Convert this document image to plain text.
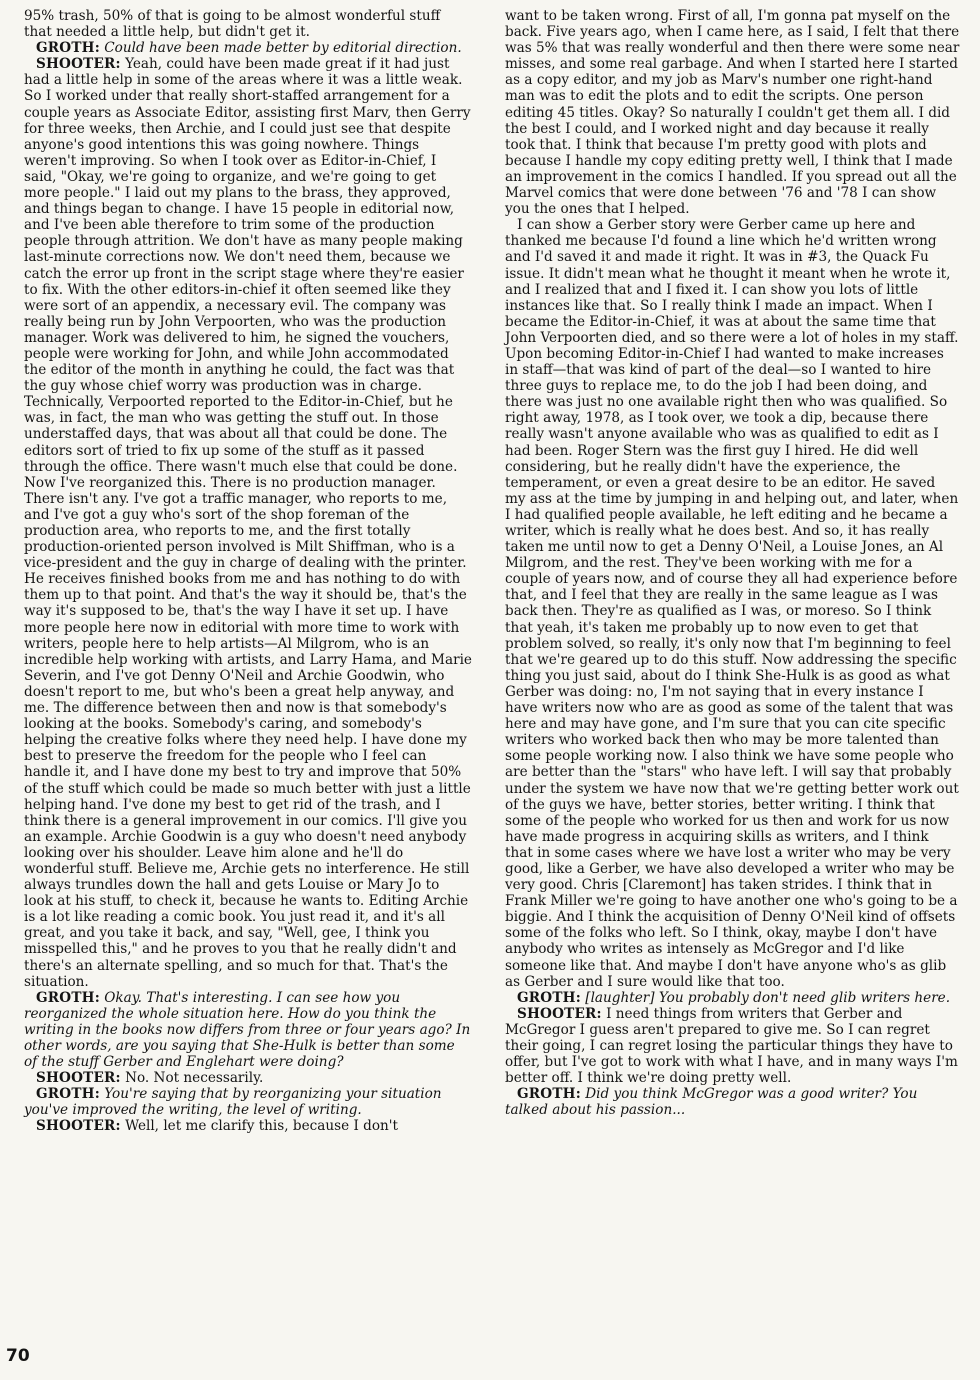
95% trash, 50% of that is going to be almost wonderful stuff that needed a little help, but didn't get it.

GROTH: Could have been made better by editorial direction.

SHOOTER: Yeah, could have been made great if it had just had a little help in some of the areas where it was a little weak. So I worked under that really short-staffed arrangement for a couple years as Associate Editor, assisting first Marv, then Gerry for three weeks, then Archie, and I could just see that despite anyone's good intentions this was going nowhere. Things weren't improving. So when I took over as Editor-in-Chief, I said, "Okay, we're going to organize, and we're going to get more people." I laid out my plans to the brass, they approved, and things began to change. I have 15 people in editorial now, and I've been able therefore to trim some of the production people through attrition. We don't have as many people making last-minute corrections now. We don't need them, because we catch the error up front in the script stage where they're easier to fix. With the other editors-in-chief it often seemed like they were sort of an appendix, a necessary evil. The company was really being run by John Verpoorten, who was the production manager. Work was delivered to him, he signed the vouchers, people were working for John, and while John accommodated the editor of the month in anything he could, the fact was that the guy whose chief worry was production was in charge. Technically, Verpoorted reported to the Editor-in-Chief, but he was, in fact, the man who was getting the stuff out. In those understaffed days, that was about all that could be done. The editors sort of tried to fix up some of the stuff as it passed through the office. There wasn't much else that could be done. Now I've reorganized this. There is no production manager. There isn't any. I've got a traffic manager, who reports to me, and I've got a guy who's sort of the shop foreman of the production area, who reports to me, and the first totally production-oriented person involved is Milt Shiffman, who is a vice-president and the guy in charge of dealing with the printer. He receives finished books from me and has nothing to do with them up to that point. And that's the way it should be, that's the way it's supposed to be, that's the way I have it set up. I have more people here now in editorial with more time to work with writers, people here to help artists—Al Milgrom, who is an incredible help working with artists, and Larry Hama, and Marie Severin, and I've got Denny O'Neil and Archie Goodwin, who doesn't report to me, but who's been a great help anyway, and me. The difference between then and now is that somebody's looking at the books. Somebody's caring, and somebody's helping the creative folks where they need help. I have done my best to preserve the freedom for the people who I feel can handle it, and I have done my best to try and improve that 50% of the stuff which could be made so much better with just a little helping hand. I've done my best to get rid of the trash, and I think there is a general improvement in our comics. I'll give you an example. Archie Goodwin is a guy who doesn't need anybody looking over his shoulder. Leave him alone and he'll do wonderful stuff. Believe me, Archie gets no interference. He still always trundles down the hall and gets Louise or Mary Jo to look at his stuff, to check it, because he wants to. Editing Archie is a lot like reading a comic book. You just read it, and it's all great, and you take it back, and say, "Well, gee, I think you misspelled this," and he proves to you that he really didn't and there's an alternate spelling, and so much for that. That's the situation.

GROTH: Okay. That's interesting. I can see how you reorganized the whole situation here. How do you think the writing in the books now differs from three or four years ago? In other words, are you saying that She-Hulk is better than some of the stuff Gerber and Englehart were doing?

SHOOTER: No. Not necessarily.

GROTH: You're saying that by reorganizing your situation you've improved the writing, the level of writing.

SHOOTER: Well, let me clarify this, because I don't

want to be taken wrong. First of all, I'm gonna pat myself on the back. Five years ago, when I came here, as I said, I felt that there was 5% that was really wonderful and then there were some near misses, and some real garbage. And when I started here I started as a copy editor, and my job as Marv's number one right-hand man was to edit the plots and to edit the scripts. One person editing 45 titles. Okay? So naturally I couldn't get them all. I did the best I could, and I worked night and day because it really took that. I think that because I'm pretty good with plots and because I handle my copy editing pretty well, I think that I made an improvement in the comics I handled. If you spread out all the Marvel comics that were done between '76 and '78 I can show you the ones that I helped.

I can show a Gerber story were Gerber came up here and thanked me because I'd found a line which he'd written wrong and I'd saved it and made it right. It was in #3, the Quack Fu issue. It didn't mean what he thought it meant when he wrote it, and I realized that and I fixed it. I can show you lots of little instances like that. So I really think I made an impact. When I became the Editor-in-Chief, it was at about the same time that John Verpoorten died, and so there were a lot of holes in my staff. Upon becoming Editor-in-Chief I had wanted to make increases in staff—that was kind of part of the deal—so I wanted to hire three guys to replace me, to do the job I had been doing, and there was just no one available right then who was qualified. So right away, 1978, as I took over, we took a dip, because there really wasn't anyone available who was as qualified to edit as I had been. Roger Stern was the first guy I hired. He did well considering, but he really didn't have the experience, the temperament, or even a great desire to be an editor. He saved my ass at the time by jumping in and helping out, and later, when I had qualified people available, he left editing and he became a writer, which is really what he does best. And so, it has really taken me until now to get a Denny O'Neil, a Louise Jones, an Al Milgrom, and the rest. They've been working with me for a couple of years now, and of course they all had experience before that, and I feel that they are really in the same league as I was back then. They're as qualified as I was, or moreso. So I think that yeah, it's taken me probably up to now even to get that problem solved, so really, it's only now that I'm beginning to feel that we're geared up to do this stuff. Now addressing the specific thing you just said, about do I think She-Hulk is as good as what Gerber was doing: no, I'm not saying that in every instance I have writers now who are as good as some of the talent that was here and may have gone, and I'm sure that you can cite specific writers who worked back then who may be more talented than some people working now. I also think we have some people who are better than the "stars" who have left. I will say that probably under the system we have now that we're getting better work out of the guys we have, better stories, better writing. I think that some of the people who worked for us then and work for us now have made progress in acquiring skills as writers, and I think that in some cases where we have lost a writer who may be very good, like a Gerber, we have also developed a writer who may be very good. Chris [Claremont] has taken strides. I think that in Frank Miller we're going to have another one who's going to be a biggie. And I think the acquisition of Denny O'Neil kind of offsets some of the folks who left. So I think, okay, maybe I don't have anybody who writes as intensely as McGregor and I'd like someone like that. And maybe I don't have anyone who's as glib as Gerber and I sure would like that too.

GROTH: [laughter] You probably don't need glib writers here.

SHOOTER: I need things from writers that Gerber and McGregor I guess aren't prepared to give me. So I can regret their going, I can regret losing the particular things they have to offer, but I've got to work with what I have, and in many ways I'm better off. I think we're doing pretty well.

GROTH: Did you think McGregor was a good writer? You talked about his passion...

70
